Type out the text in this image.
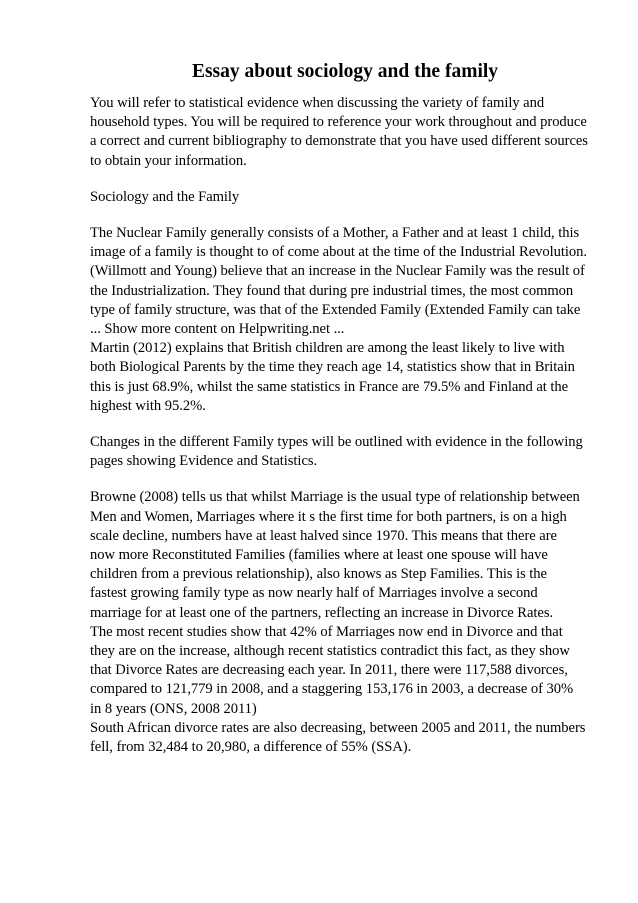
Essay about sociology and the family
You will refer to statistical evidence when discussing the variety of family and
household types. You will be required to reference your work throughout and produce
a correct and current bibliography to demonstrate that you have used different sources
to obtain your information.
Sociology and the Family
The Nuclear Family generally consists of a Mother, a Father and at least 1 child, this
image of a family is thought to of come about at the time of the Industrial Revolution.
(Willmott and Young) believe that an increase in the Nuclear Family was the result of
the Industrialization. They found that during pre industrial times, the most common
type of family structure, was that of the Extended Family (Extended Family can take
... Show more content on Helpwriting.net ...
Martin (2012) explains that British children are among the least likely to live with
both Biological Parents by the time they reach age 14, statistics show that in Britain
this is just 68.9%, whilst the same statistics in France are 79.5% and Finland at the
highest with 95.2%.
Changes in the different Family types will be outlined with evidence in the following
pages showing Evidence and Statistics.
Browne (2008) tells us that whilst Marriage is the usual type of relationship between
Men and Women, Marriages where it s the first time for both partners, is on a high
scale decline, numbers have at least halved since 1970. This means that there are
now more Reconstituted Families (families where at least one spouse will have
children from a previous relationship), also knows as Step Families. This is the
fastest growing family type as now nearly half of Marriages involve a second
marriage for at least one of the partners, reflecting an increase in Divorce Rates.
The most recent studies show that 42% of Marriages now end in Divorce and that
they are on the increase, although recent statistics contradict this fact, as they show
that Divorce Rates are decreasing each year. In 2011, there were 117,588 divorces,
compared to 121,779 in 2008, and a staggering 153,176 in 2003, a decrease of 30%
in 8 years (ONS, 2008 2011)
South African divorce rates are also decreasing, between 2005 and 2011, the numbers
fell, from 32,484 to 20,980, a difference of 55% (SSA).
